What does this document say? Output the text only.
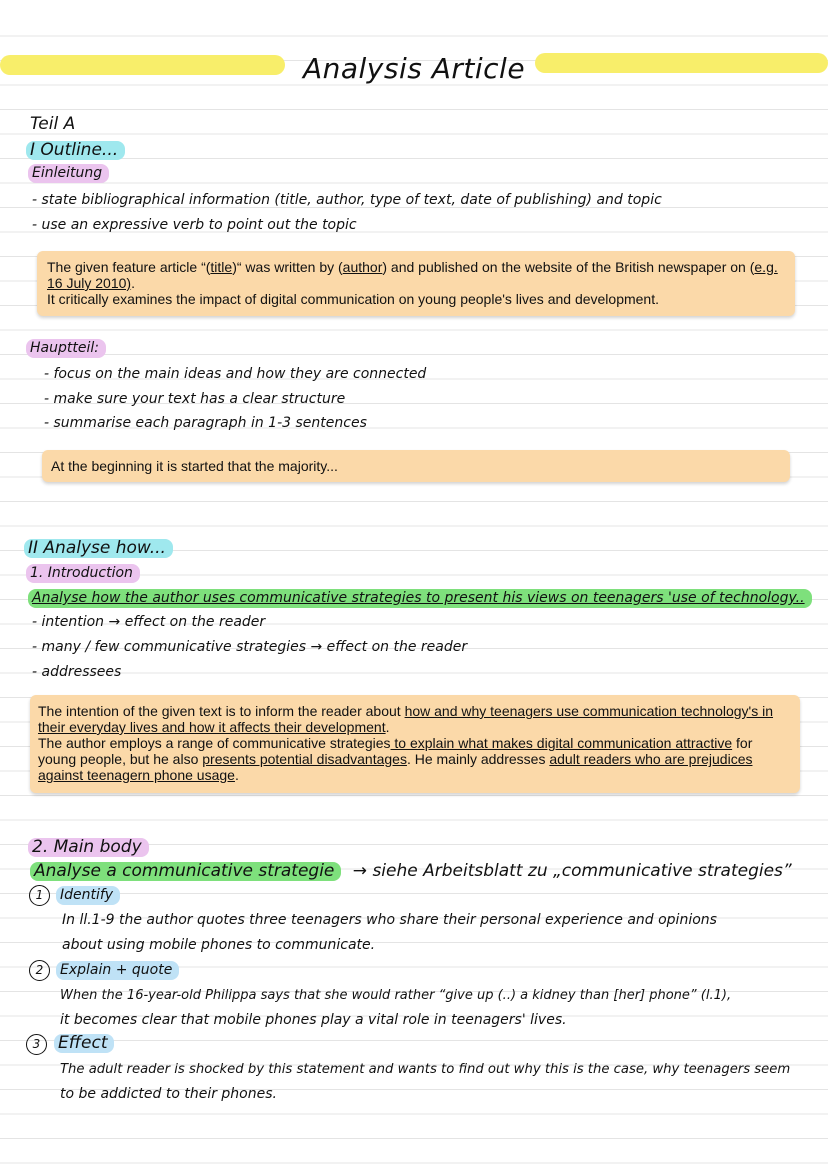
Analysis Article
Teil A
I Outline...
Einleitung
- state bibliographical information (title, author, type of text, date of publishing) and topic
- use an expressive verb to point out the topic
The given feature article “(title)“ was written by (author) and published on the website of the British newspaper on (e.g. 16 July 2010).
It critically examines the impact of digital communication on young people's lives and development.
Hauptteil:
- focus on the main ideas and how they are connected
- make sure your text has a clear structure
- summarise each paragraph in 1-3 sentences
At the beginning it is started that the majority...
II Analyse how...
1. Introduction
Analyse how the author uses communicative strategies to present his views on teenagers 'use of technology..
- intention → effect on the reader
- many / few communicative strategies → effect on the reader
- addressees
The intention of the given text is to inform the reader about how and why teenagers use communication technology's in their everyday lives and how it affects their development.
The author employs a range of communicative strategies to explain what makes digital communication attractive for young people, but he also presents potential disadvantages. He mainly addresses adult readers who are prejudices against teenagern phone usage.
2. Main body
Analyse a communicative strategie → siehe Arbeitsblatt zu „communicative strategies”
1	Identify
In ll.1-9 the author quotes three teenagers who share their personal experience and opinions
about using mobile phones to communicate.
2	Explain + quote
When the 16-year-old Philippa says that she would rather “give up (..) a kidney than [her] phone” (l.1),
it becomes clear that mobile phones play a vital role in teenagers' lives.
3	Effect
The adult reader is shocked by this statement and wants to find out why this is the case, why teenagers seem
to be addicted to their phones.
